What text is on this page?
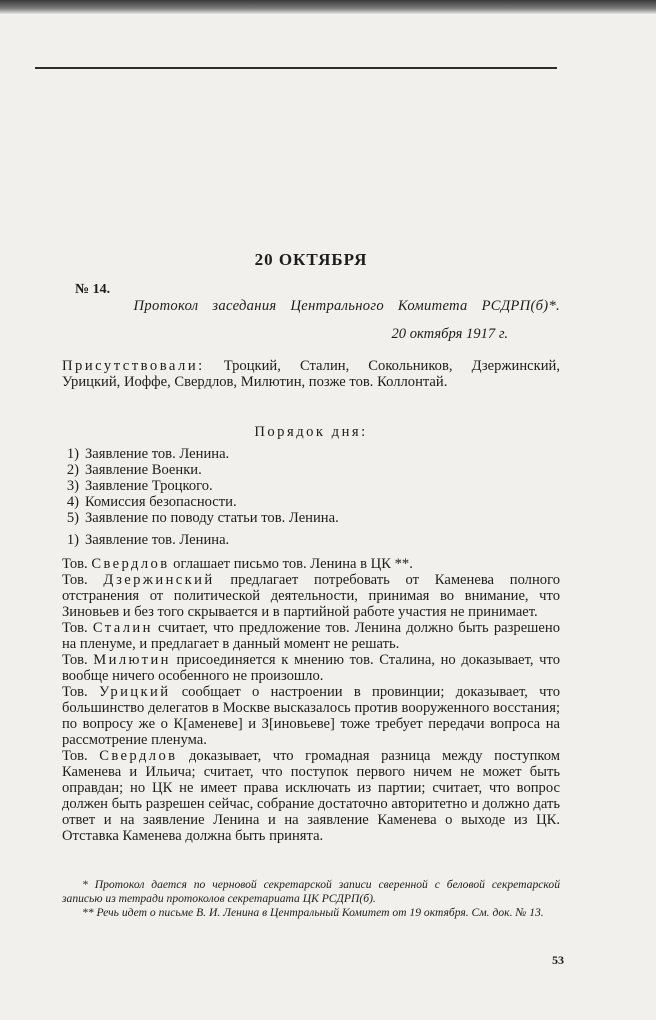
20 ОКТЯБРЯ
№ 14.
Протокол заседания Центрального Комитета РСДРП(б)*.
20 октября 1917 г.

Присутствовали: Троцкий, Сталин, Сокольников, Дзержинский, Урицкий, Иоффе, Свердлов, Милютин, позже тов. Коллонтай.

Порядок дня:
1) Заявление тов. Ленина.
2) Заявление Военки.
3) Заявление Троцкого.
4) Комиссия безопасности.
5) Заявление по поводу статьи тов. Ленина.
1) Заявление тов. Ленина.

Тов. Свердлов оглашает письмо тов. Ленина в ЦК **.

Тов. Дзержинский предлагает потребовать от Каменева полного отстранения от политической деятельности, принимая во внимание, что Зиновьев и без того скрывается и в партийной работе участия не принимает.

Тов. Сталин считает, что предложение тов. Ленина должно быть разрешено на пленуме, и предлагает в данный момент не решать.

Тов. Милютин присоединяется к мнению тов. Сталина, но доказывает, что вообще ничего особенного не произошло.

Тов. Урицкий сообщает о настроении в провинции; доказывает, что большинство делегатов в Москве высказалось против вооруженного восстания; по вопросу же о К[аменеве] и З[иновьеве] тоже требует передачи вопроса на рассмотрение пленума.

Тов. Свердлов доказывает, что громадная разница между поступком Каменева и Ильича; считает, что поступок первого ничем не может быть оправдан; но ЦК не имеет права исключать из партии; считает, что вопрос должен быть разрешен сейчас, собрание достаточно авторитетно и должно дать ответ и на заявление Ленина и на заявление Каменева о выходе из ЦК. Отставка Каменева должна быть принята.

* Протокол дается по черновой секретарской записи сверенной с беловой секретарской записью из тетради протоколов секретариата ЦК РСДРП(б).

** Речь идет о письме В. И. Ленина в Центральный Комитет от 19 октября. См. док. № 13.

53
